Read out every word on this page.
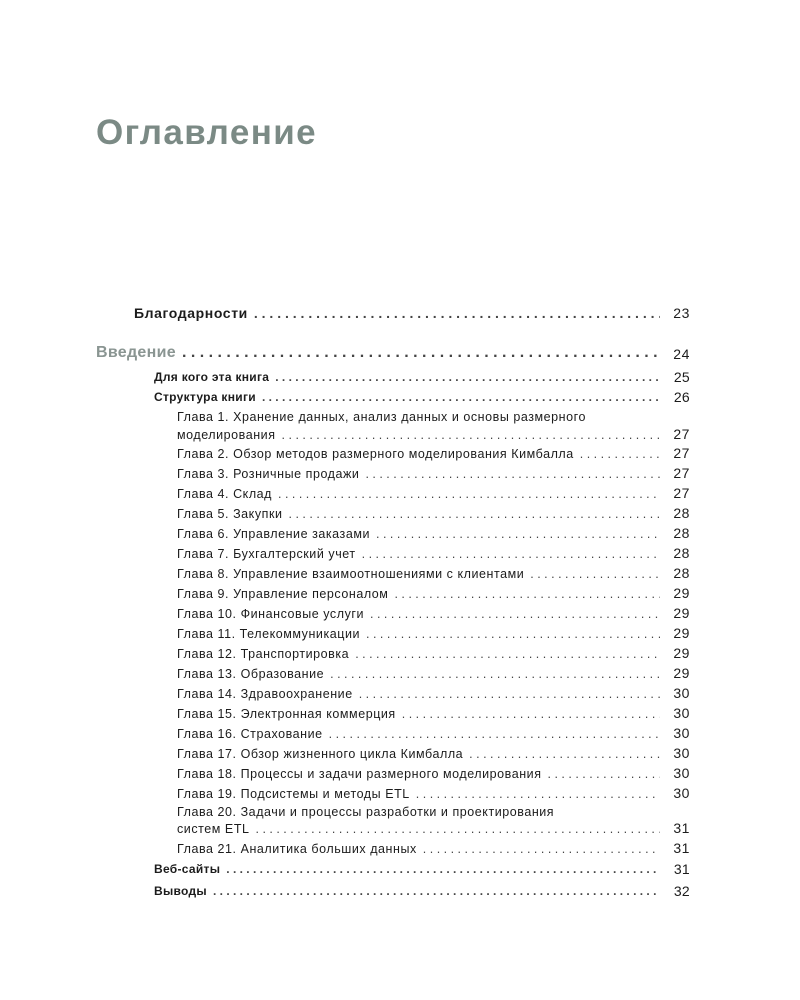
Оглавление
Благодарности . . .	23
Введение . . .	24
Для кого эта книга . . .	25
Структура книги . . .	26
Глава 1. Хранение данных, анализ данных и основы размерного
моделирования . . .	27
Глава 2. Обзор методов размерного моделирования Кимбалла . . .	27
Глава 3. Розничные продажи . . .	27
Глава 4. Склад . . .	27
Глава 5. Закупки . . .	28
Глава 6. Управление заказами . . .	28
Глава 7. Бухгалтерский учет . . .	28
Глава 8. Управление взаимоотношениями с клиентами . . .	28
Глава 9. Управление персоналом . . .	29
Глава 10. Финансовые услуги . . .	29
Глава 11. Телекоммуникации . . .	29
Глава 12. Транспортировка . . .	29
Глава 13. Образование . . .	29
Глава 14. Здравоохранение . . .	30
Глава 15. Электронная коммерция . . .	30
Глава 16. Страхование . . .	30
Глава 17. Обзор жизненного цикла Кимбалла . . .	30
Глава 18. Процессы и задачи размерного моделирования . . .	30
Глава 19. Подсистемы и методы ETL . . .	30
Глава 20. Задачи и процессы разработки и проектирования
систем ETL . . .	31
Глава 21. Аналитика больших данных . . .	31
Веб-сайты . . .	31
Выводы . . .	32
